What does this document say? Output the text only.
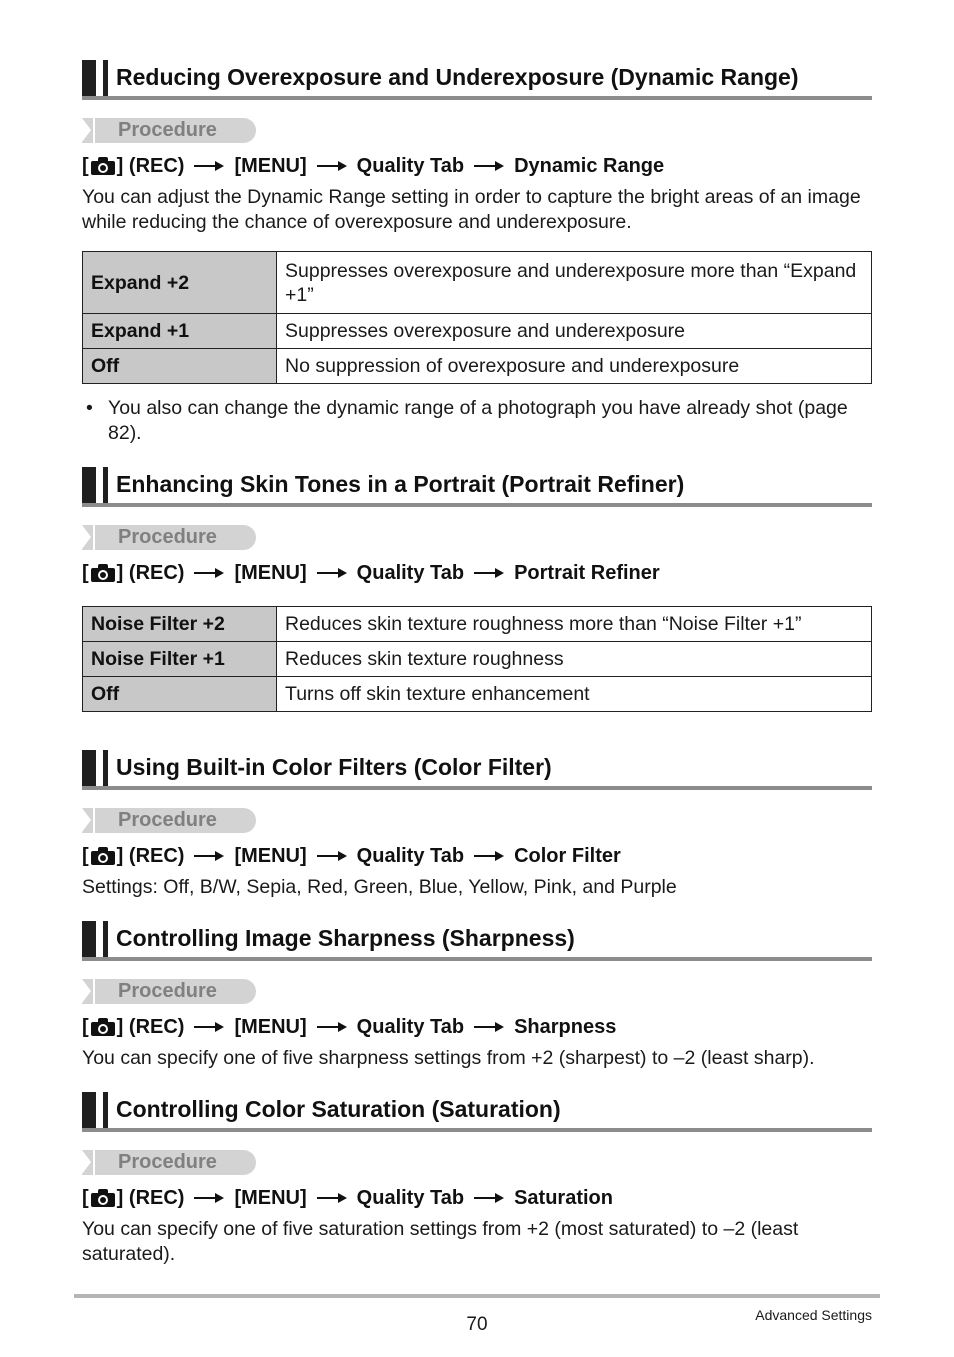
Reducing Overexposure and Underexposure (Dynamic Range)
Procedure
[ ]
(REC)	[MENU]	Quality Tab	Dynamic Range
You can adjust the Dynamic Range setting in order to capture the bright areas of an image while reducing the chance of overexposure and underexposure.
Expand +2	Suppresses overexposure and underexposure more than “Expand +1”
Expand +1	Suppresses overexposure and underexposure
Off	No suppression of overexposure and underexposure
• You also can change the dynamic range of a photograph you have already shot (page 82).
Enhancing Skin Tones in a Portrait (Portrait Refiner)
Procedure
[ ]
(REC)	[MENU]	Quality Tab	Portrait Refiner
Noise Filter +2	Reduces skin texture roughness more than “Noise Filter +1”
Noise Filter +1	Reduces skin texture roughness
Off	Turns off skin texture enhancement
Using Built-in Color Filters (Color Filter)
Procedure
[ ]
(REC)	[MENU]	Quality Tab	Color Filter
Settings: Off, B/W, Sepia, Red, Green, Blue, Yellow, Pink, and Purple
Controlling Image Sharpness (Sharpness)
Procedure
[ ]
(REC)	[MENU]	Quality Tab	Sharpness
You can specify one of five sharpness settings from +2 (sharpest) to –2 (least sharp).
Controlling Color Saturation (Saturation)
Procedure
[ ]
(REC)	[MENU]	Quality Tab	Saturation
You can specify one of five saturation settings from +2 (most saturated) to –2 (least saturated).
70	Advanced Settings
